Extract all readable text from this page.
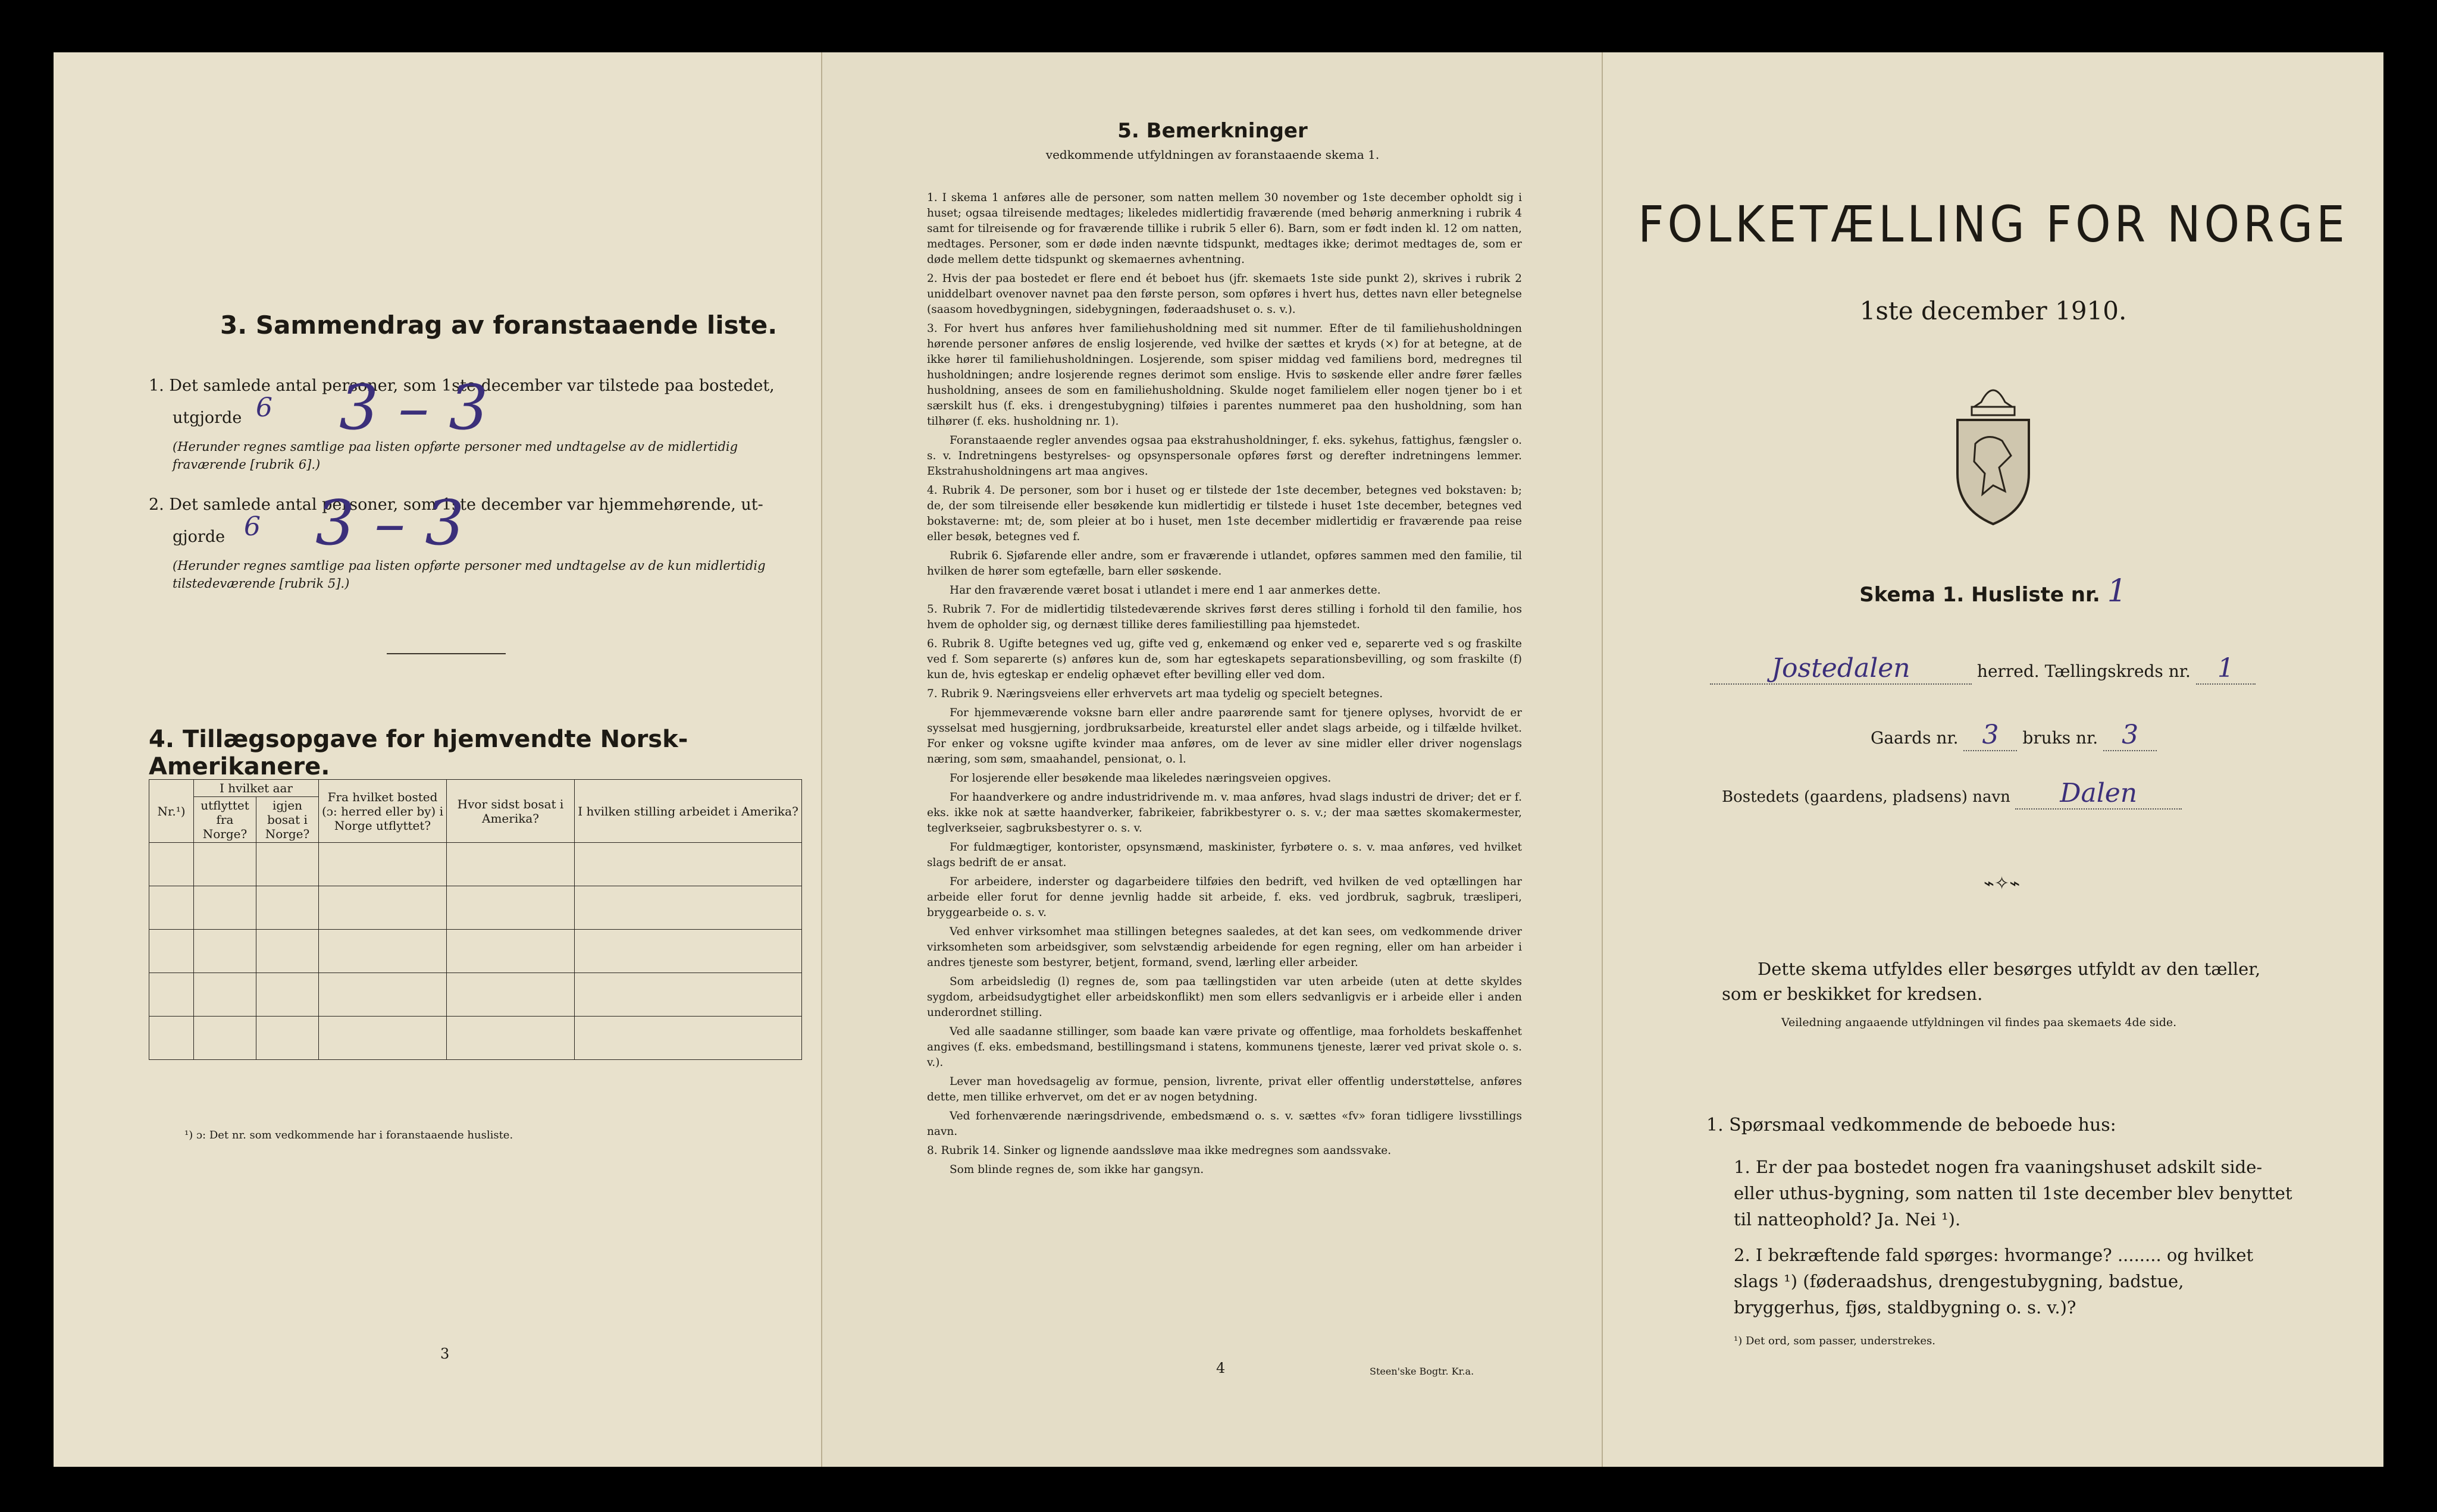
3. Sammendrag av foranstaaende liste.
1. Det samlede antal personer, som 1ste december var tilstede paa bostedet,
utgjorde 6 3 – 3
(Herunder regnes samtlige paa listen opførte personer med undtagelse av de midlertidig fraværende [rubrik 6].)
2. Det samlede antal personer, som 1ste december var hjemmehørende, ut-
gjorde 6 3 – 3
(Herunder regnes samtlige paa listen opførte personer med undtagelse av de kun midlertidig tilstedeværende [rubrik 5].)
4. Tillægsopgave for hjemvendte Norsk-Amerikanere.
Nr.¹)	I hvilket aar		Fra hvilket bosted (ɔ: herred eller by) i Norge utflyttet?	Hvor sidst bosat i Amerika?	I hvilken stilling arbeidet i Amerika?
	utflyttet fra Norge?	igjen bosat i Norge?			

¹) ɔ: Det nr. som vedkommende har i foranstaaende husliste.
3
5. Bemerkninger
vedkommende utfyldningen av foranstaaende skema 1.

1. I skema 1 anføres alle de personer, som natten mellem 30 november og 1ste december opholdt sig i huset; ogsaa tilreisende medtages; likeledes midlertidig fraværende (med behørig anmerkning i rubrik 4 samt for tilreisende og for fraværende tillike i rubrik 5 eller 6). Barn, som er født inden kl. 12 om natten, medtages. Personer, som er døde inden nævnte tidspunkt, medtages ikke; derimot medtages de, som er døde mellem dette tidspunkt og skemaernes avhentning.

2. Hvis der paa bostedet er flere end ét beboet hus (jfr. skemaets 1ste side punkt 2), skrives i rubrik 2 uniddelbart ovenover navnet paa den første person, som opføres i hvert hus, dettes navn eller betegnelse (saasom hovedbygningen, sidebygningen, føderaadshuset o. s. v.).

3. For hvert hus anføres hver familiehusholdning med sit nummer. Efter de til familiehusholdningen hørende personer anføres de enslig losjerende, ved hvilke der sættes et kryds (×) for at betegne, at de ikke hører til familiehusholdningen. Losjerende, som spiser middag ved familiens bord, medregnes til husholdningen; andre losjerende regnes derimot som enslige. Hvis to søskende eller andre fører fælles husholdning, ansees de som en familiehusholdning. Skulde noget familielem eller nogen tjener bo i et særskilt hus (f. eks. i drengestubygning) tilføies i parentes nummeret paa den husholdning, som han tilhører (f. eks. husholdning nr. 1).

Foranstaaende regler anvendes ogsaa paa ekstrahusholdninger, f. eks. sykehus, fattighus, fængsler o. s. v. Indretningens bestyrelses- og opsynspersonale opføres først og derefter indretningens lemmer. Ekstrahusholdningens art maa angives.

4. Rubrik 4. De personer, som bor i huset og er tilstede der 1ste december, betegnes ved bokstaven: b; de, der som tilreisende eller besøkende kun midlertidig er tilstede i huset 1ste december, betegnes ved bokstaverne: mt; de, som pleier at bo i huset, men 1ste december midlertidig er fraværende paa reise eller besøk, betegnes ved f.

Rubrik 6. Sjøfarende eller andre, som er fraværende i utlandet, opføres sammen med den familie, til hvilken de hører som egtefælle, barn eller søskende.

Har den fraværende været bosat i utlandet i mere end 1 aar anmerkes dette.

5. Rubrik 7. For de midlertidig tilstedeværende skrives først deres stilling i forhold til den familie, hos hvem de opholder sig, og dernæst tillike deres familiestilling paa hjemstedet.

6. Rubrik 8. Ugifte betegnes ved ug, gifte ved g, enkemænd og enker ved e, separerte ved s og fraskilte ved f. Som separerte (s) anføres kun de, som har egteskapets separationsbevilling, og som fraskilte (f) kun de, hvis egteskap er endelig ophævet efter bevilling eller ved dom.

7. Rubrik 9. Næringsveiens eller erhvervets art maa tydelig og specielt betegnes.

For hjemmeværende voksne barn eller andre paarørende samt for tjenere oplyses, hvorvidt de er sysselsat med husgjerning, jordbruksarbeide, kreaturstel eller andet slags arbeide, og i tilfælde hvilket. For enker og voksne ugifte kvinder maa anføres, om de lever av sine midler eller driver nogenslags næring, som søm, smaahandel, pensionat, o. l.

For losjerende eller besøkende maa likeledes næringsveien opgives.

For haandverkere og andre industridrivende m. v. maa anføres, hvad slags industri de driver; det er f. eks. ikke nok at sætte haandverker, fabrikeier, fabrikbestyrer o. s. v.; der maa sættes skomakermester, teglverkseier, sagbruksbestyrer o. s. v.

For fuldmægtiger, kontorister, opsynsmænd, maskinister, fyrbøtere o. s. v. maa anføres, ved hvilket slags bedrift de er ansat.

For arbeidere, inderster og dagarbeidere tilføies den bedrift, ved hvilken de ved optællingen har arbeide eller forut for denne jevnlig hadde sit arbeide, f. eks. ved jordbruk, sagbruk, træsliperi, bryggearbeide o. s. v.

Ved enhver virksomhet maa stillingen betegnes saaledes, at det kan sees, om vedkommende driver virksomheten som arbeidsgiver, som selvstændig arbeidende for egen regning, eller om han arbeider i andres tjeneste som bestyrer, betjent, formand, svend, lærling eller arbeider.

Som arbeidsledig (l) regnes de, som paa tællingstiden var uten arbeide (uten at dette skyldes sygdom, arbeidsudygtighet eller arbeidskonflikt) men som ellers sedvanligvis er i arbeide eller i anden underordnet stilling.

Ved alle saadanne stillinger, som baade kan være private og offentlige, maa forholdets beskaffenhet angives (f. eks. embedsmand, bestillingsmand i statens, kommunens tjeneste, lærer ved privat skole o. s. v.).

Lever man hovedsagelig av formue, pension, livrente, privat eller offentlig understøttelse, anføres dette, men tillike erhvervet, om det er av nogen betydning.

Ved forhenværende næringsdrivende, embedsmænd o. s. v. sættes «fv» foran tidligere livsstillings navn.

8. Rubrik 14. Sinker og lignende aandssløve maa ikke medregnes som aandssvake.

Som blinde regnes de, som ikke har gangsyn.

4	Steen'ske Bogtr. Kr.a.
FOLKETÆLLING FOR NORGE
1ste december 1910.
Skema 1. Husliste nr. 1
Jostedalen	herred. Tællingskreds nr. 1
Gaards nr. 3 bruks nr. 3
Bostedets (gaardens, pladsens) navn Dalen
⌁✧⌁
Dette skema utfyldes eller besørges utfyldt av den tæller, som er beskikket for kredsen.
Veiledning angaaende utfyldningen vil findes paa skemaets 4de side.
1. Spørsmaal vedkommende de beboede hus:
1. Er der paa bostedet nogen fra vaaningshuset adskilt side- eller uthus-bygning, som natten til 1ste december blev benyttet til natteophold? Ja. Nei ¹).
2. I bekræftende fald spørges: hvormange? ........ og hvilket slags ¹) (føderaadshus, drengestubygning, badstue, bryggerhus, fjøs, staldbygning o. s. v.)?
¹) Det ord, som passer, understrekes.
